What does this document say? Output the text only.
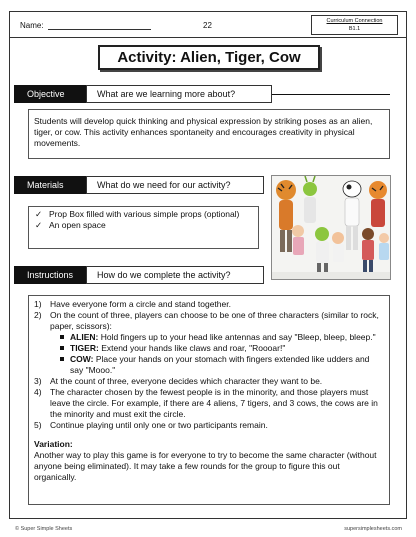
Name:	22	Curriculum Connection
B1.1
Activity: Alien, Tiger, Cow
Objective	What are we learning more about?
Students will develop quick thinking and physical expression by striking poses as an alien, tiger, or cow. This activity enhances spontaneity and encourages creativity in physical movements.
Materials	What do we need for our activity?
✓ Prop Box filled with various simple props (optional)
✓ An open space
Instructions	How do we complete the activity?
1) Have everyone form a circle and stand together.
2) On the count of three, players can choose to be one of three characters (similar to rock, paper, scissors):
ALIEN: Hold fingers up to your head like antennas and say "Bleep, bleep, bleep."
TIGER: Extend your hands like claws and roar, "Roooar!"
COW: Place your hands on your stomach with fingers extended like udders and say "Mooo."
3) At the count of three, everyone decides which character they want to be.
4) The character chosen by the fewest people is in the minority, and those players must leave the circle. For example, if there are 4 aliens, 7 tigers, and 3 cows, the cows are in the minority and must exit the circle.
5) Continue playing until only one or two participants remain.
Variation:
Another way to play this game is for everyone to try to become the same character (without anyone being eliminated). It may take a few rounds for the group to figure this out organically.
© Super Simple Sheets	supersimplesheets.com
